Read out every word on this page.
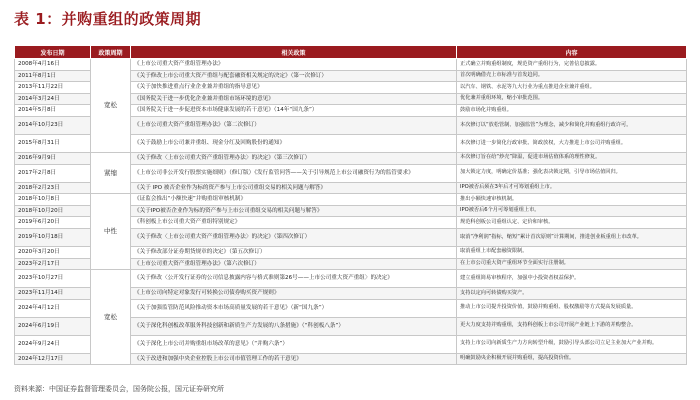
表 1：并购重组的政策周期
发布日期	政策周期	相关政策	内容
2008年4月16日	宽松	《上市公司重大资产重组管理办法》	正式确立并购重组制度，规范资产重组行为，完善信息披露。
2011年8月1日		《关于修改上市公司重大资产重组与配套融资相关规定的决定》（第一次修订）	首次明确借壳上市标准与首发趋同。
2013年11月22日		《关于加快推进重点行业企业兼并重组的指导意见》	以汽车、钢铁、水泥等九大行业为重点推进企业兼并重组。
2014年3月24日		《国务院关于进一步优化企业兼并重组市场环境的意见》	优化兼并重组环境，缩小审批范围。
2014年5月8日		《国务院关于进一步促进资本市场健康发展的若干意见》（14年“国九条”）	鼓励市场化并购重组。
2014年10月23日		《上市公司重大资产重组管理办法》（第二次修订）	本次修订以“放松管制、加强监管”为理念，减少和简化并购重组行政许可。
2015年8月31日		《关于鼓励上市公司兼并重组、现金分红及回购股份的通知》	本次修订进一步简化行政审批、简政放权，大力推进上市公司并购重组。
2016年9月9日	紧缩	《关于修改〈上市公司重大资产重组管理办法〉的决定》（第三次修订）	本次修订旨在给“炒壳”降温，促进市场估值体系的理性修复。
2017年2月8日		《上市公司非公开发行股票实施细则》（修订版）《发行监管问答——关于引导规范上市公司融资行为的监管要求》	加大锁定力度，明确定价基准；强化表决锁定期，引导市场估值回归。
2018年2月23日		《关于 IPO 被否企业作为标的资产参与上市公司重组交易的相关问题与解答》	IPO被否后须在3年后才可筹划重组上市。
2018年10月8日	中性	《证监会推出“小额快速”并购重组审核机制》	推出小额快速审核机制。
2018年10月20日		《关于IPO被否企业作为标的资产参与上市公司重组交易的相关问题与解答》	IPO被否后6个月可筹划重组上市。
2019年6月20日		《科创板上市公司重大资产重组特别规定》	规范科创板公司重组认定、定价和审核。
2019年10月18日		《关于修改〈上市公司重大资产重组管理办法〉的决定》（第四次修订）	取消“净利润”指标，缩短“累计首次原则”计算期间，推进创业板重组上市改革。
2020年3月20日		《关于修改部分证券期货规章的决定》（第五次修订）	取消重组上市配套融资限制。
2023年2月17日		《上市公司重大资产重组管理办法》（第六次修订）	在上市公司重大资产重组环节全面实行注册制。
2023年10月27日	宽松	《关于修改〈公开发行证券的公司信息披露内容与格式准则第26号——上市公司重大资产重组〉的决定》	建立重组简易审核程序，加强中小投资者权益保护。
2023年11月14日		《上市公司向特定对象发行可转换公司债券购买资产规则》	支持以定向可转债购买资产。
2024年4月12日		《关于加强监管防范风险推动资本市场高质量发展的若干意见》（新“国九条”）	推动上市公司提升投资价值，鼓励并购重组、股权激励等方式提高发展质量。
2024年6月19日		《关于深化科创板改革服务科技创新和新质生产力发展的八条措施》（“科创板八条”）	更大力度支持并购重组，支持科创板上市公司开展产业链上下游的并购整合。
2024年9月24日		《关于深化上市公司并购重组市场改革的意见》（“并购六条”）	支持上市公司向新质生产力方向转型升级，鼓励引导头部公司立足主业加大产业并购。
2024年12月17日		《关于改进和加强中央企业控股上市公司市值管理工作的若干意见》	明确鼓励央企积极开展并购重组，提高投资价值。
资料来源：中国证券监督管理委员会，国务院公报，国元证券研究所
